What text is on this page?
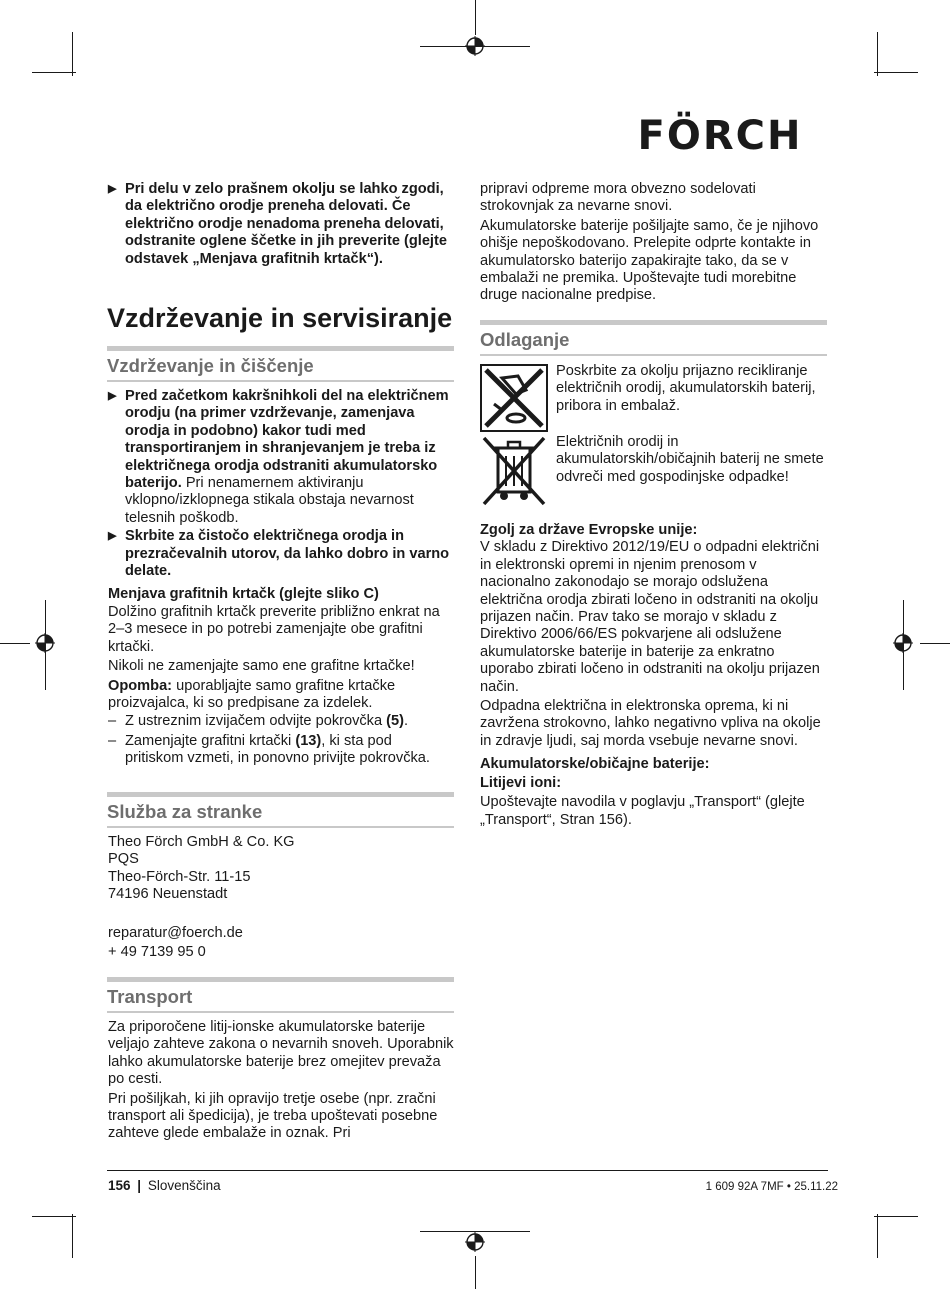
FÖRCH
▶ Pri delu v zelo prašnem okolju se lahko zgodi, da električno orodje preneha delovati. Če električno orodje nenadoma preneha delovati, odstranite oglene ščetke in jih preverite (glejte odstavek „Menjava grafitnih krtačk“).
Vzdrževanje in servisiranje
Vzdrževanje in čiščenje
▶ Pred začetkom kakršnihkoli del na električnem orodju (na primer vzdrževanje, zamenjava orodja in podobno) kakor tudi med transportiranjem in shranjevanjem je treba iz električnega orodja odstraniti akumulatorsko baterijo. Pri nenamernem aktiviranju vklopno/izklopnega stikala obstaja nevarnost telesnih poškodb.
▶ Skrbite za čistočo električnega orodja in prezračevalnih utorov, da lahko dobro in varno delate.

Menjava grafitnih krtačk (glejte sliko C)

Dolžino grafitnih krtačk preverite približno enkrat na 2–3 mesece in po potrebi zamenjajte obe grafitni krtački.

Nikoli ne zamenjajte samo ene grafitne krtačke!

Opomba: uporabljajte samo grafitne krtačke proizvajalca, ki so predpisane za izdelek.

– Z ustreznim izvijačem odvijte pokrovčka (5).
– Zamenjajte grafitni krtački (13), ki sta pod pritiskom vzmeti, in ponovno privijte pokrovčka.
Služba za stranke

Theo Förch GmbH & Co. KG

PQS

Theo-Förch-Str. 11-15

74196 Neuenstadt

reparatur@foerch.de

+ 49 7139 95 0

Transport

Za priporočene litij-ionske akumulatorske baterije veljajo zahteve zakona o nevarnih snoveh. Uporabnik lahko akumulatorske baterije brez omejitev prevaža po cesti.

Pri pošiljkah, ki jih opravijo tretje osebe (npr. zračni transport ali špedicija), je treba upoštevati posebne zahteve glede embalaže in oznak. Pri

pripravi odpreme mora obvezno sodelovati strokovnjak za nevarne snovi.

Akumulatorske baterije pošiljajte samo, če je njihovo ohišje nepoškodovano. Prelepite odprte kontakte in akumulatorsko baterijo zapakirajte tako, da se v embalaži ne premika. Upoštevajte tudi morebitne druge nacionalne predpise.

Odlaganje
Poskrbite za okolju prijazno recikliranje električnih orodij, akumulatorskih baterij, pribora in embalaž.
Električnih orodij in akumulatorskih/običajnih baterij ne smete odvreči med gospodinjske odpadke!

Zgolj za države Evropske unije:

V skladu z Direktivo 2012/19/EU o odpadni električni in elektronski opremi in njenim prenosom v nacionalno zakonodajo se morajo odslužena električna orodja zbirati ločeno in odstraniti na okolju prijazen način. Prav tako se morajo v skladu z Direktivo 2006/66/ES pokvarjene ali odslužene akumulatorske baterije in baterije za enkratno uporabo zbirati ločeno in odstraniti na okolju prijazen način.

Odpadna električna in elektronska oprema, ki ni zavržena strokovno, lahko negativno vpliva na okolje in zdravje ljudi, saj morda vsebuje nevarne snovi.

Akumulatorske/običajne baterije:

Litijevi ioni:

Upoštevajte navodila v poglavju „Transport“ (glejte „Transport“, Stran 156).

156 | Slovenščina	1 609 92A 7MF • 25.11.22
